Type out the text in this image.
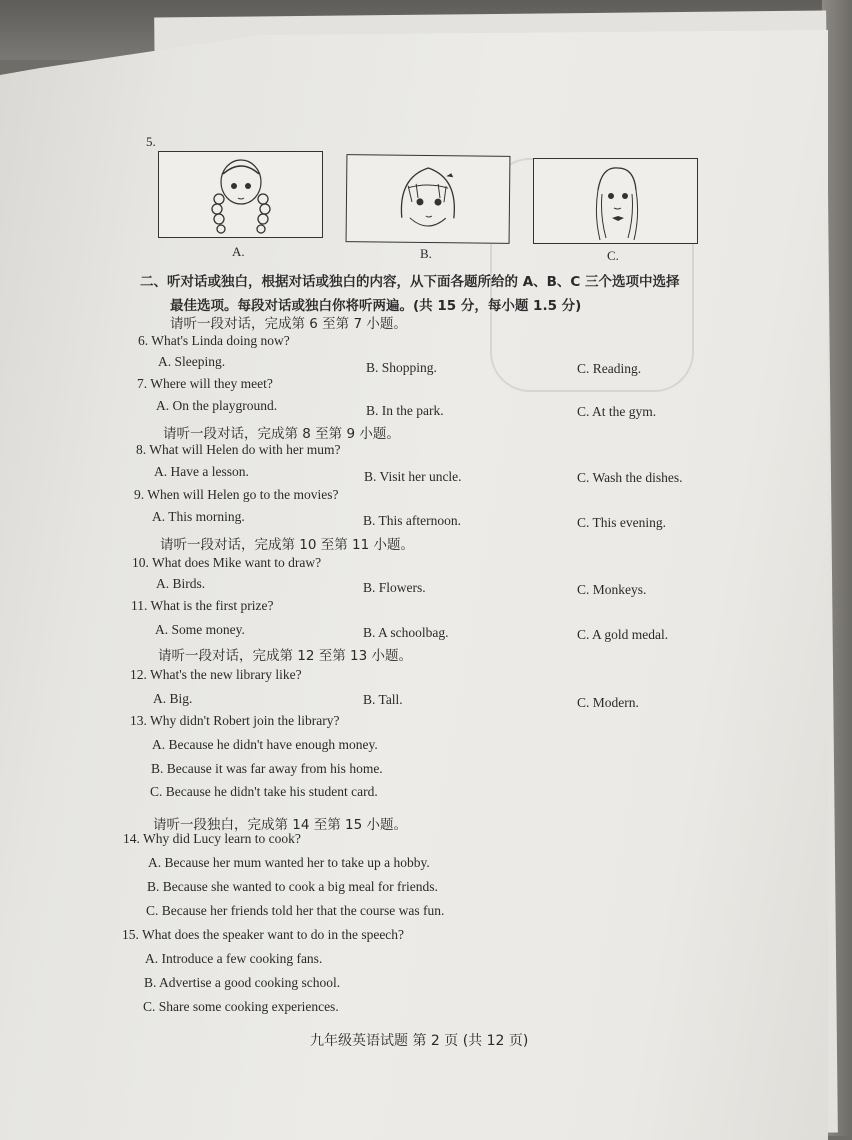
5.
A.	B.	C.
二、听对话或独白，根据对话或独白的内容，从下面各题所给的 A、B、C 三个选项中选择
最佳选项。每段对话或独白你将听两遍。(共 15 分，每小题 1.5 分)
请听一段对话，完成第 6 至第 7 小题。
请听一段对话，完成第 8 至第 9 小题。
请听一段对话，完成第 10 至第 11 小题。
请听一段对话，完成第 12 至第 13 小题。
请听一段独白，完成第 14 至第 15 小题。
6. What's Linda doing now?
A. Sleeping.	B. Shopping.	C. Reading.
7. Where will they meet?
A. On the playground.	B. In the park.	C. At the gym.
8. What will Helen do with her mum?
A. Have a lesson.	B. Visit her uncle.	C. Wash the dishes.
9. When will Helen go to the movies?
A. This morning.	B. This afternoon.	C. This evening.
10. What does Mike want to draw?
A. Birds.	B. Flowers.	C. Monkeys.
11. What is the first prize?
A. Some money.	B. A schoolbag.	C. A gold medal.
12. What's the new library like?
A. Big.	B. Tall.	C. Modern.
13. Why didn't Robert join the library?
A. Because he didn't have enough money.
B. Because it was far away from his home.
C. Because he didn't take his student card.
14. Why did Lucy learn to cook?
A. Because her mum wanted her to take up a hobby.
B. Because she wanted to cook a big meal for friends.
C. Because her friends told her that the course was fun.
15. What does the speaker want to do in the speech?
A. Introduce a few cooking fans.
B. Advertise a good cooking school.
C. Share some cooking experiences.
九年级英语试题 第 2 页 (共 12 页)
